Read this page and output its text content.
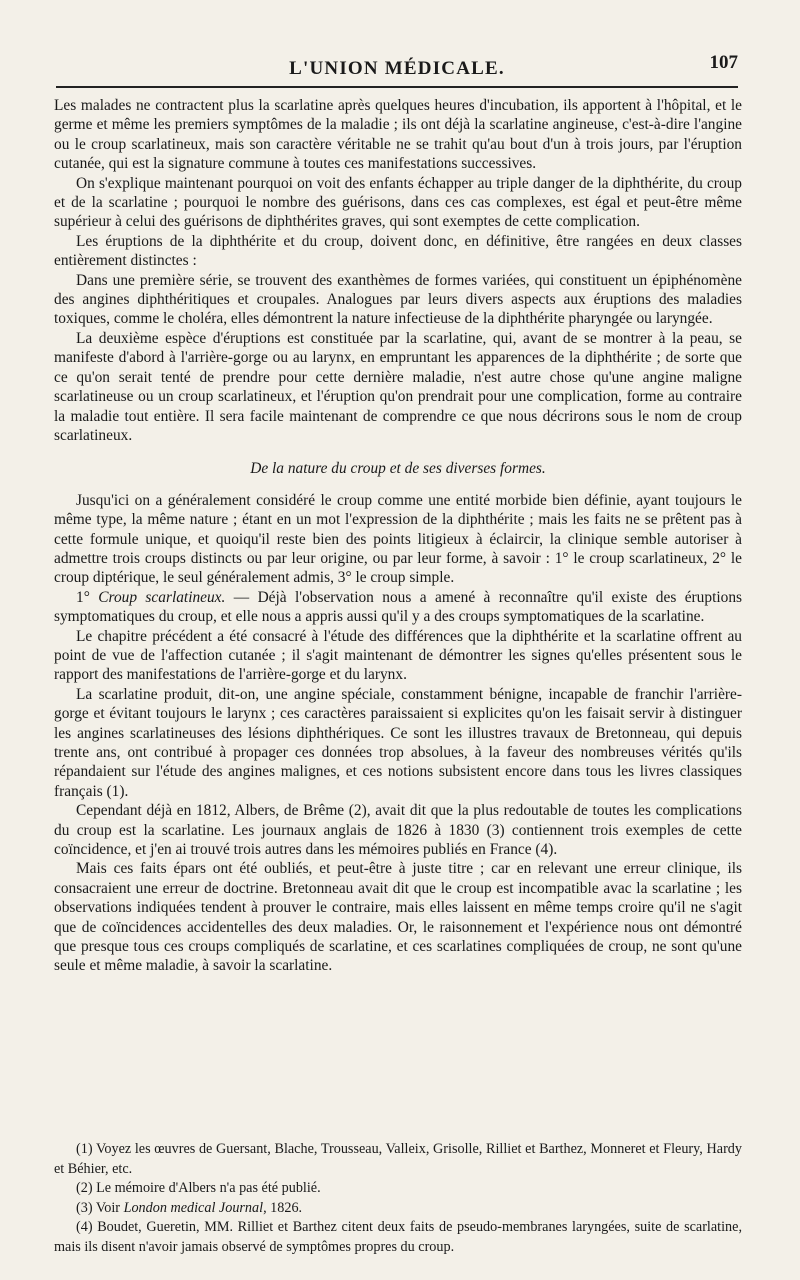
L'UNION MÉDICALE.	107

Les malades ne contractent plus la scarlatine après quelques heures d'incubation, ils apportent à l'hôpital, et le germe et même les premiers symptômes de la maladie ; ils ont déjà la scarlatine angineuse, c'est-à-dire l'angine ou le croup scarlatineux, mais son caractère véritable ne se trahit qu'au bout d'un à trois jours, par l'éruption cutanée, qui est la signature commune à toutes ces manifestations successives.

On s'explique maintenant pourquoi on voit des enfants échapper au triple danger de la diphthérite, du croup et de la scarlatine ; pourquoi le nombre des guérisons, dans ces cas complexes, est égal et peut-être même supérieur à celui des guérisons de diphthérites graves, qui sont exemptes de cette complication.

Les éruptions de la diphthérite et du croup, doivent donc, en définitive, être rangées en deux classes entièrement distinctes :

Dans une première série, se trouvent des exanthèmes de formes variées, qui constituent un épiphénomène des angines diphthéritiques et croupales. Analogues par leurs divers aspects aux éruptions des maladies toxiques, comme le choléra, elles démontrent la nature infectieuse de la diphthérite pharyngée ou laryngée.

La deuxième espèce d'éruptions est constituée par la scarlatine, qui, avant de se montrer à la peau, se manifeste d'abord à l'arrière-gorge ou au larynx, en empruntant les apparences de la diphthérite ; de sorte que ce qu'on serait tenté de prendre pour cette dernière maladie, n'est autre chose qu'une angine maligne scarlatineuse ou un croup scarlatineux, et l'éruption qu'on prendrait pour une complication, forme au contraire la maladie tout entière. Il sera facile maintenant de comprendre ce que nous décrirons sous le nom de croup scarlatineux.

De la nature du croup et de ses diverses formes.

Jusqu'ici on a généralement considéré le croup comme une entité morbide bien définie, ayant toujours le même type, la même nature ; étant en un mot l'expression de la diphthérite ; mais les faits ne se prêtent pas à cette formule unique, et quoiqu'il reste bien des points litigieux à éclaircir, la clinique semble autoriser à admettre trois croups distincts ou par leur origine, ou par leur forme, à savoir : 1° le croup scarlatineux, 2° le croup diptérique, le seul généralement admis, 3° le croup simple.

1° Croup scarlatineux. — Déjà l'observation nous a amené à reconnaître qu'il existe des éruptions symptomatiques du croup, et elle nous a appris aussi qu'il y a des croups symptomatiques de la scarlatine.

Le chapitre précédent a été consacré à l'étude des différences que la diphthérite et la scarlatine offrent au point de vue de l'affection cutanée ; il s'agit maintenant de démontrer les signes qu'elles présentent sous le rapport des manifestations de l'arrière-gorge et du larynx.

La scarlatine produit, dit-on, une angine spéciale, constamment bénigne, incapable de franchir l'arrière-gorge et évitant toujours le larynx ; ces caractères paraissaient si explicites qu'on les faisait servir à distinguer les angines scarlatineuses des lésions diphthériques. Ce sont les illustres travaux de Bretonneau, qui depuis trente ans, ont contribué à propager ces données trop absolues, à la faveur des nombreuses vérités qu'ils répandaient sur l'étude des angines malignes, et ces notions subsistent encore dans tous les livres classiques français (1).

Cependant déjà en 1812, Albers, de Brême (2), avait dit que la plus redoutable de toutes les complications du croup est la scarlatine. Les journaux anglais de 1826 à 1830 (3) contiennent trois exemples de cette coïncidence, et j'en ai trouvé trois autres dans les mémoires publiés en France (4).

Mais ces faits épars ont été oubliés, et peut-être à juste titre ; car en relevant une erreur clinique, ils consacraient une erreur de doctrine. Bretonneau avait dit que le croup est incompatible avac la scarlatine ; les observations indiquées tendent à prouver le contraire, mais elles laissent en même temps croire qu'il ne s'agit que de coïncidences accidentelles des deux maladies. Or, le raisonnement et l'expérience nous ont démontré que presque tous ces croups compliqués de scarlatine, et ces scarlatines compliquées de croup, ne sont qu'une seule et même maladie, à savoir la scarlatine.

(1) Voyez les œuvres de Guersant, Blache, Trousseau, Valleix, Grisolle, Rilliet et Barthez, Monneret et Fleury, Hardy et Béhier, etc.

(2) Le mémoire d'Albers n'a pas été publié.

(3) Voir London medical Journal, 1826.

(4) Boudet, Gueretin, MM. Rilliet et Barthez citent deux faits de pseudo-membranes laryngées, suite de scarlatine, mais ils disent n'avoir jamais observé de symptômes propres du croup.
